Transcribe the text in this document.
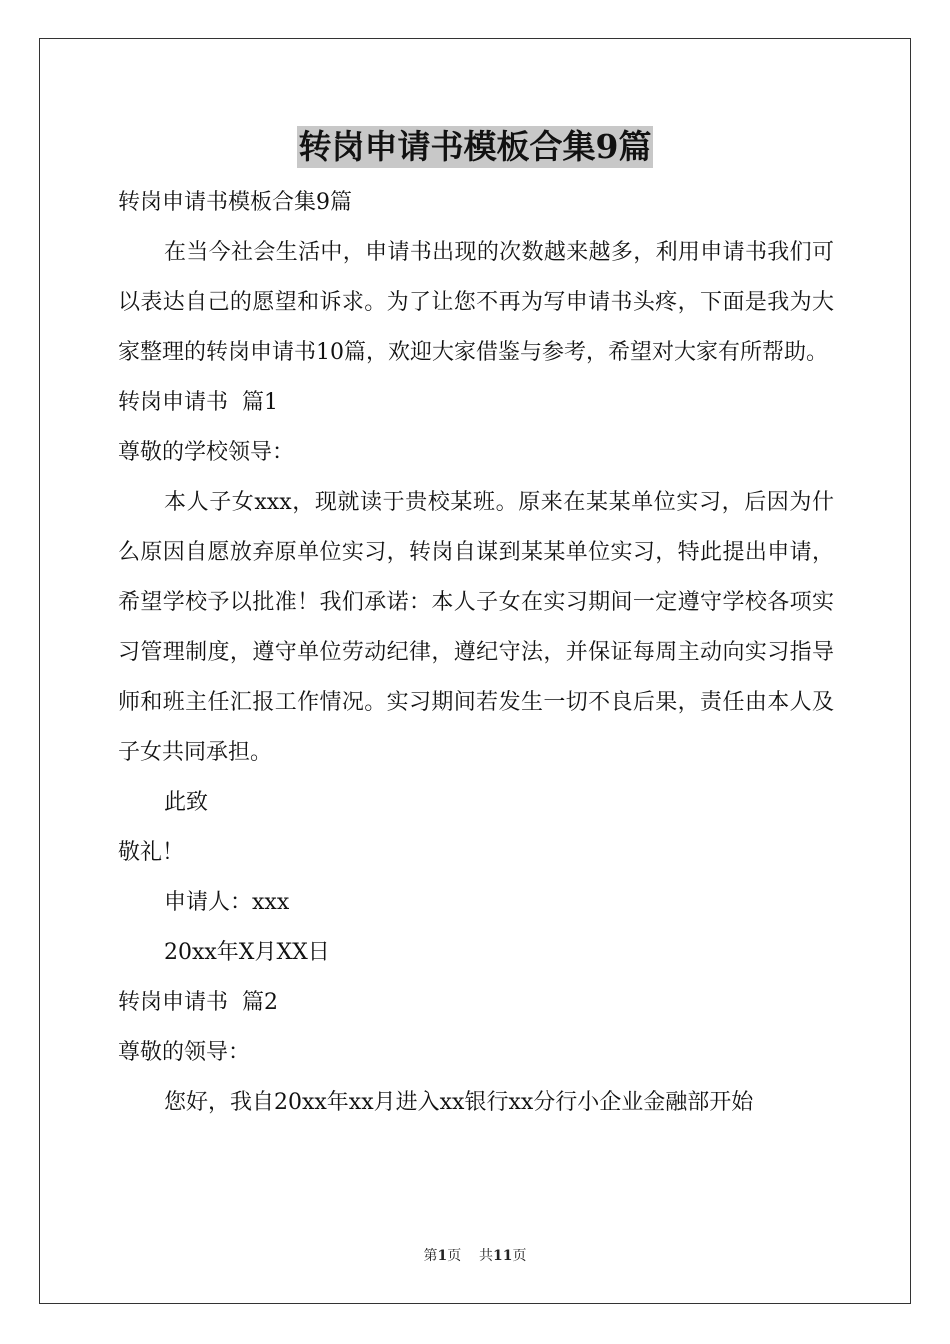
转岗申请书模板合集9篇

转岗申请书模板合集9篇

在当今社会生活中，申请书出现的次数越来越多，利用申请书我们可以表达自己的愿望和诉求。为了让您不再为写申请书头疼，下面是我为大家整理的转岗申请书10篇，欢迎大家借鉴与参考，希望对大家有所帮助。

转岗申请书  篇1

尊敬的学校领导：

本人子女xxx，现就读于贵校某班。原来在某某单位实习，后因为什么原因自愿放弃原单位实习，转岗自谋到某某单位实习，特此提出申请，希望学校予以批准！我们承诺：本人子女在实习期间一定遵守学校各项实习管理制度，遵守单位劳动纪律，遵纪守法，并保证每周主动向实习指导师和班主任汇报工作情况。实习期间若发生一切不良后果，责任由本人及子女共同承担。

此致

敬礼！

申请人：xxx

20xx年X月XX日

转岗申请书  篇2

尊敬的领导：

您好，我自20xx年xx月进入xx银行xx分行小企业金融部开始

第1页 共11页
